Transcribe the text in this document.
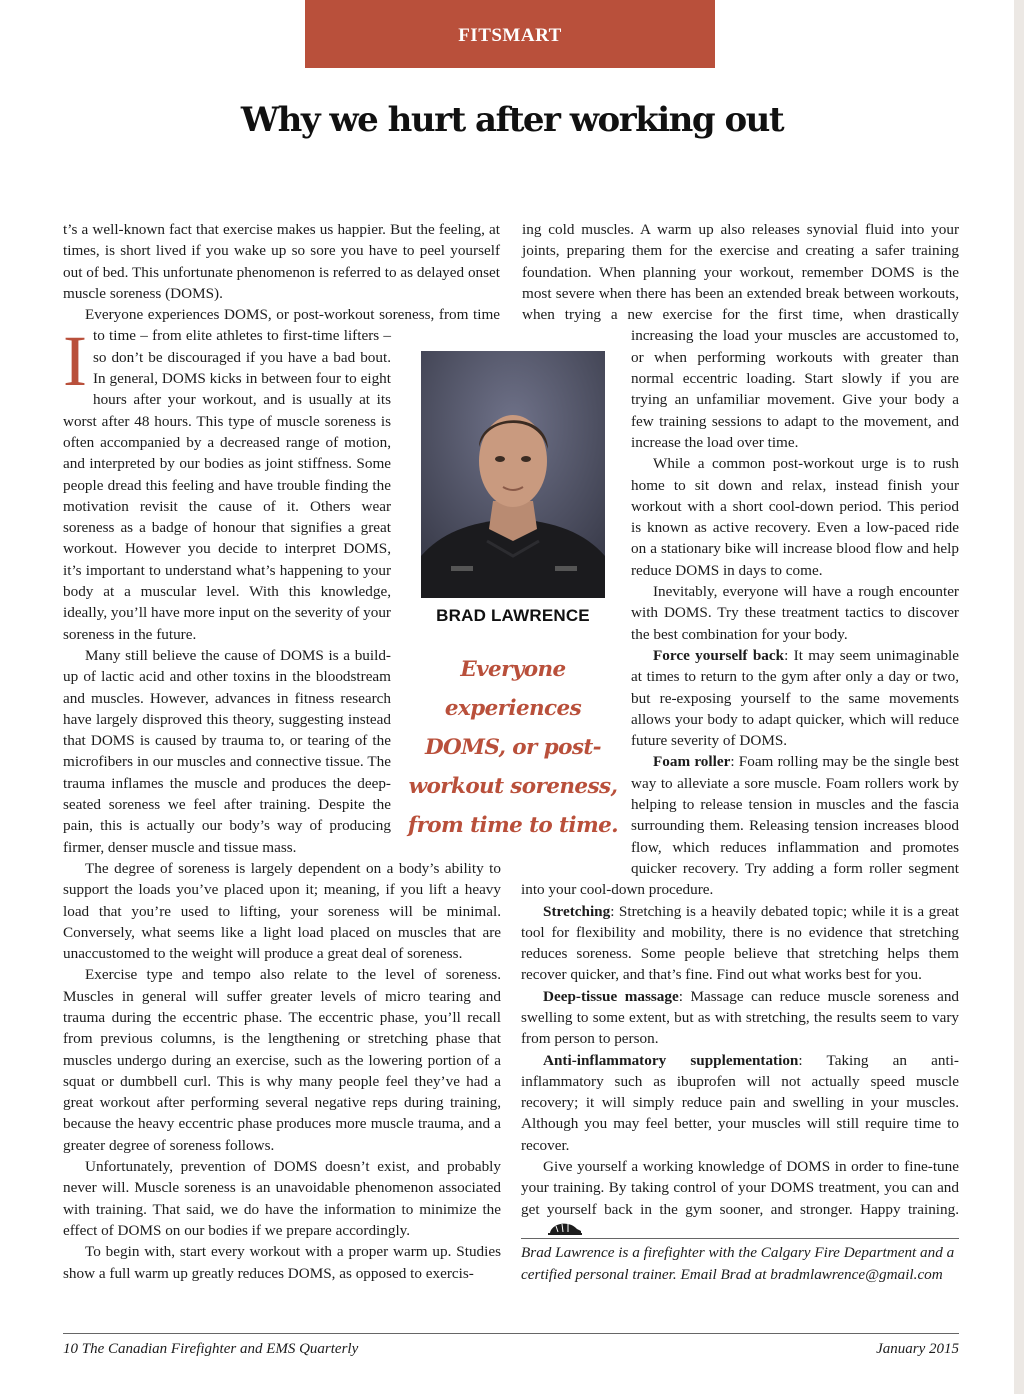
FITSMART
Why we hurt after working out

I
t’s a well-known fact that exercise makes us happier. But the feeling, at times, is short lived if you wake up so sore you have to peel yourself out of bed. This unfortunate phenomenon is referred to as delayed onset muscle soreness (DOMS).

Everyone experiences DOMS, or post-workout soreness, from time to time – from elite athletes to first-time lifters – so don’t be discouraged if you have a bad bout. In general, DOMS kicks in between four to eight hours after your workout, and is usually at its worst after 48 hours. This type of muscle soreness is often accompanied by a decreased range of motion, and interpreted by our bodies as joint stiffness. Some people dread this feeling and have trouble finding the motivation revisit the cause of it. Others wear soreness as a badge of honour that signifies a great workout. However you decide to interpret DOMS, it’s important to understand what’s happening to your body at a muscular level. With this knowledge, ideally, you’ll have more input on the severity of your soreness in the future.

Many still believe the cause of DOMS is a build-up of lactic acid and other toxins in the bloodstream and muscles. However, advances in fitness research have largely disproved this theory, suggesting instead that DOMS is caused by trauma to, or tearing of the microfibers in our muscles and connective tissue. The trauma inflames the muscle and produces the deep-seated soreness we feel after training. Despite the pain, this is actually our body’s way of producing firmer, denser muscle and tissue mass.

The degree of soreness is largely dependent on a body’s ability to support the loads you’ve placed upon it; meaning, if you lift a heavy load that you’re used to lifting, your soreness will be minimal. Conversely, what seems like a light load placed on muscles that are unaccustomed to the weight will produce a great deal of soreness.

Exercise type and tempo also relate to the level of soreness. Muscles in general will suffer greater levels of micro tearing and trauma during the eccentric phase. The eccentric phase, you’ll recall from previous columns, is the lengthening or stretching phase that muscles undergo during an exercise, such as the lowering portion of a squat or dumbbell curl. This is why many people feel they’ve had a great workout after performing several negative reps during training, because the heavy eccentric phase produces more muscle trauma, and a greater degree of soreness follows.

Unfortunately, prevention of DOMS doesn’t exist, and probably never will. Muscle soreness is an unavoidable phenomenon associated with training. That said, we do have the information to minimize the effect of DOMS on our bodies if we prepare accordingly.

To begin with, start every workout with a proper warm up. Studies show a full warm up greatly reduces DOMS, as opposed to exercis-

ing cold muscles. A warm up also releases synovial fluid into your joints, preparing them for the exercise and creating a safer training foundation. When planning your workout, remember DOMS is the most severe when there has been an extended break between workouts, when trying a new exercise for the first time, when drastically increasing the load your muscles are accustomed to, or when performing workouts with greater than normal eccentric loading. Start slowly if you are trying an unfamiliar movement. Give your body a few training sessions to adapt to the movement, and increase the load over time.

While a common post-workout urge is to rush home to sit down and relax, instead finish your workout with a short cool-down period. This period is known as active recovery. Even a low-paced ride on a stationary bike will increase blood flow and help reduce DOMS in days to come.

Inevitably, everyone will have a rough encounter with DOMS. Try these treatment tactics to discover the best combination for your body.

Force yourself back: It may seem unimaginable at times to return to the gym after only a day or two, but re-exposing yourself to the same movements allows your body to adapt quicker, which will reduce future severity of DOMS.

Foam roller: Foam rolling may be the single best way to alleviate a sore muscle. Foam rollers work by helping to release tension in muscles and the fascia surrounding them. Releasing tension increases blood flow, which reduces inflammation and promotes quicker recovery. Try adding a form roller segment into your cool-down procedure.

Stretching: Stretching is a heavily debated topic; while it is a great tool for flexibility and mobility, there is no evidence that stretching reduces soreness. Some people believe that stretching helps them recover quicker, and that’s fine. Find out what works best for you.

Deep-tissue massage: Massage can reduce muscle soreness and swelling to some extent, but as with stretching, the results seem to vary from person to person.

Anti-inflammatory supplementation: Taking an anti-inflammatory such as ibuprofen will not actually speed muscle recovery; it will simply reduce pain and swelling in your muscles. Although you may feel better, your muscles will still require time to recover.

Give yourself a working knowledge of DOMS in order to fine-tune your training. By taking control of your DOMS treatment, you can and get yourself back in the gym sooner, and stronger. Happy training.

BRAD LAWRENCE
Everyone experiences DOMS, or post-workout soreness, from time to time.
Brad Lawrence is a firefighter with the Calgary Fire Department and a certified personal trainer. Email Brad at bradmlawrence@gmail.com
10 The Canadian Firefighter and EMS Quarterly	January 2015
